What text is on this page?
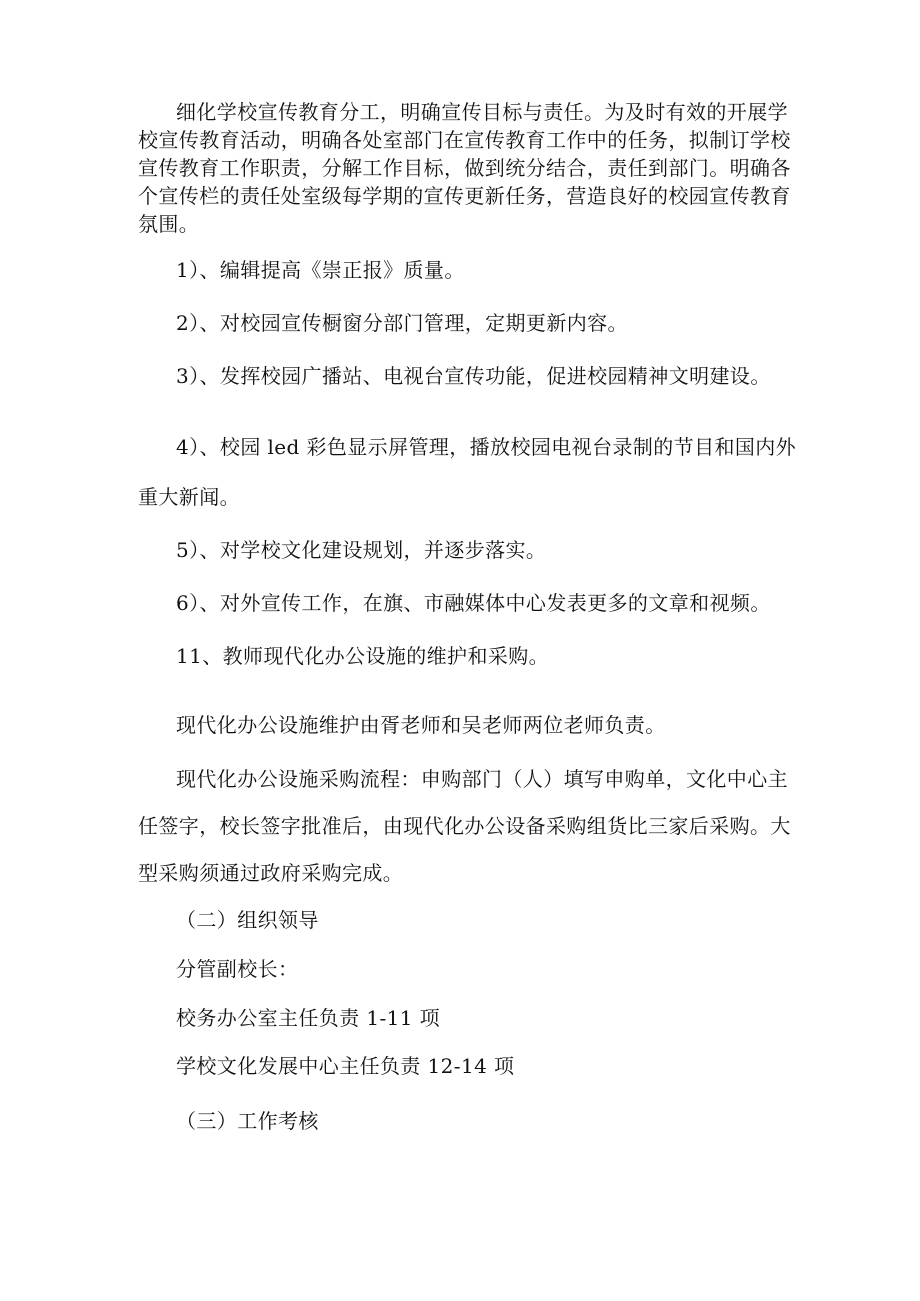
细化学校宣传教育分工，明确宣传目标与责任。为及时有效的开展学
校宣传教育活动，明确各处室部门在宣传教育工作中的任务，拟制订学校
宣传教育工作职责，分解工作目标，做到统分结合，责任到部门。明确各
个宣传栏的责任处室级每学期的宣传更新任务，营造良好的校园宣传教育
氛围。
1）、编辑提高《崇正报》质量。
2）、对校园宣传橱窗分部门管理，定期更新内容。
3）、发挥校园广播站、电视台宣传功能，促进校园精神文明建设。
4）、校园 led 彩色显示屏管理，播放校园电视台录制的节目和国内外
重大新闻。
5）、对学校文化建设规划，并逐步落实。
6）、对外宣传工作，在旗、市融媒体中心发表更多的文章和视频。
11、教师现代化办公设施的维护和采购。
现代化办公设施维护由胥老师和吴老师两位老师负责。
现代化办公设施采购流程：申购部门（人）填写申购单，文化中心主
任签字，校长签字批准后，由现代化办公设备采购组货比三家后采购。大
型采购须通过政府采购完成。
（二）组织领导
分管副校长：
校务办公室主任负责 1-11 项
学校文化发展中心主任负责 12-14 项
（三）工作考核
